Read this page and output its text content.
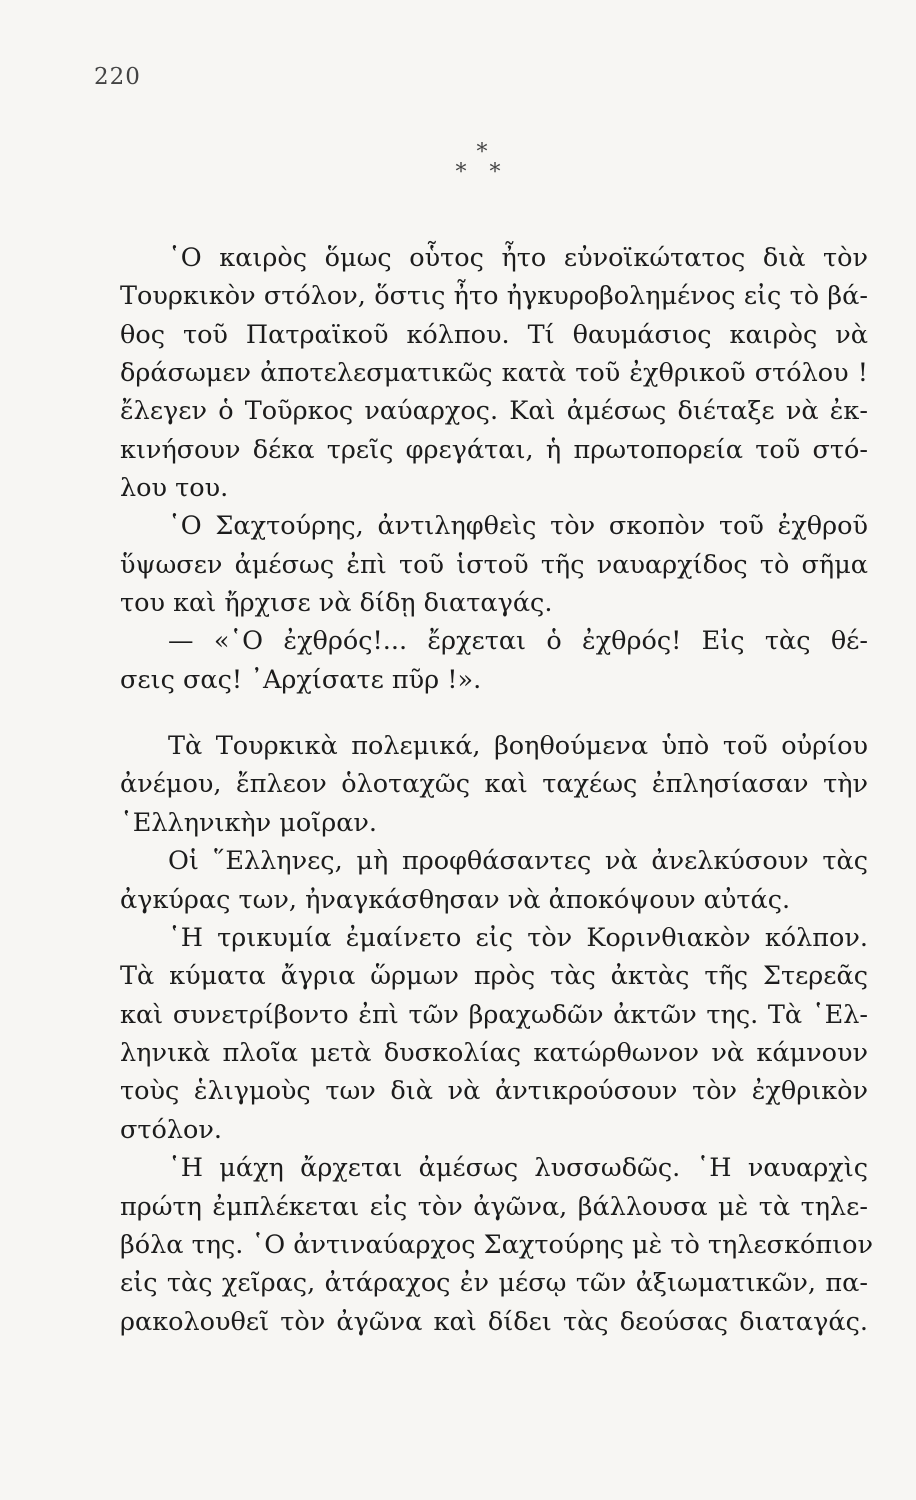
220
*
* *
῾Ο καιρὸς ὅμως οὗτος ἦτο εὐνοϊκώτατος διὰ τὸν
Τουρκικὸν στόλον, ὅστις ἦτο ἠγκυροβολημένος εἰς τὸ βά-
θος τοῦ Πατραϊκοῦ κόλπου. Τί θαυμάσιος καιρὸς νὰ
δράσωμεν ἀποτελεσματικῶς κατὰ τοῦ ἐχθρικοῦ στόλου !
ἔλεγεν ὁ Τοῦρκος ναύαρχος. Καὶ ἀμέσως διέταξε νὰ ἐκ-
κινήσουν δέκα τρεῖς φρεγάται, ἡ πρωτοπορεία τοῦ στό-
λου του.
῾Ο Σαχτούρης, ἀντιληφθεὶς τὸν σκοπὸν τοῦ ἐχθροῦ
ὕψωσεν ἀμέσως ἐπὶ τοῦ ἱστοῦ τῆς ναυαρχίδος τὸ σῆμα
του καὶ ἤρχισε νὰ δίδῃ διαταγάς.
— «῾Ο ἐχθρός!... ἔρχεται ὁ ἐχθρός! Εἰς τὰς θέ-
σεις σας! ᾿Αρχίσατε πῦρ !».
Τὰ Τουρκικὰ πολεμικά, βοηθούμενα ὑπὸ τοῦ οὐρίου
ἀνέμου, ἔπλεον ὁλοταχῶς καὶ ταχέως ἐπλησίασαν τὴν
῾Ελληνικὴν μοῖραν.
Οἱ ῞Ελληνες, μὴ προφθάσαντες νὰ ἀνελκύσουν τὰς
ἀγκύρας των, ἠναγκάσθησαν νὰ ἀποκόψουν αὐτάς.
῾Η τρικυμία ἐμαίνετο εἰς τὸν Κορινθιακὸν κόλπον.
Τὰ κύματα ἄγρια ὥρμων πρὸς τὰς ἀκτὰς τῆς Στερεᾶς
καὶ συνετρίβοντο ἐπὶ τῶν βραχωδῶν ἀκτῶν της. Τὰ ῾Ελ-
ληνικὰ πλοῖα μετὰ δυσκολίας κατώρθωνον νὰ κάμνουν
τοὺς ἑλιγμοὺς των διὰ νὰ ἀντικρούσουν τὸν ἐχθρικὸν
στόλον.
῾Η μάχη ἄρχεται ἀμέσως λυσσωδῶς. ῾Η ναυαρχὶς
πρώτη ἐμπλέκεται εἰς τὸν ἀγῶνα, βάλλουσα μὲ τὰ τηλε-
βόλα της. ῾Ο ἀντιναύαρχος Σαχτούρης μὲ τὸ τηλεσκόπιον
εἰς τὰς χεῖρας, ἀτάραχος ἐν μέσῳ τῶν ἀξιωματικῶν, πα-
ρακολουθεῖ τὸν ἀγῶνα καὶ δίδει τὰς δεούσας διαταγάς.
